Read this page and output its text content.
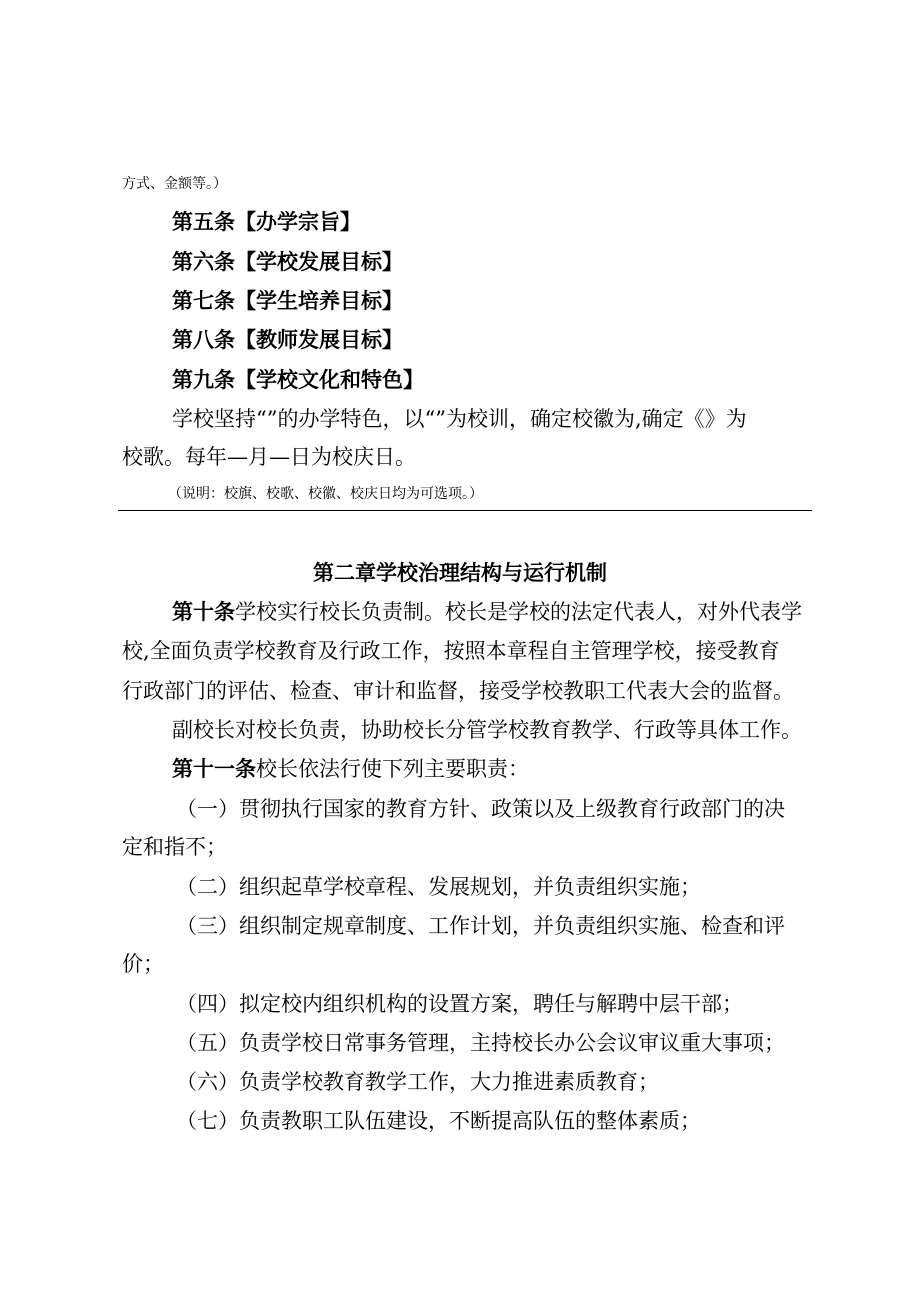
方式、金额等。）
第五条【办学宗旨】
第六条【学校发展目标】
第七条【学生培养目标】
第八条【教师发展目标】
第九条【学校文化和特色】
学校坚持“”的办学特色，以“”为校训，确定校徽为,确定《》为
校歌。每年—月—日为校庆日。
（说明：校旗、校歌、校徽、校庆日均为可选项。）
第二章学校治理结构与运行机制
第十条学校实行校长负责制。校长是学校的法定代表人，对外代表学
校,全面负责学校教育及行政工作，按照本章程自主管理学校，接受教育
行政部门的评估、检查、审计和监督，接受学校教职工代表大会的监督。
副校长对校长负责，协助校长分管学校教育教学、行政等具体工作。
第十一条校长依法行使下列主要职责：
（一）贯彻执行国家的教育方针、政策以及上级教育行政部门的决
定和指不；
（二）组织起草学校章程、发展规划，并负责组织实施；
（三）组织制定规章制度、工作计划，并负责组织实施、检查和评
价；
（四）拟定校内组织机构的设置方案，聘任与解聘中层干部；
（五）负责学校日常事务管理，主持校长办公会议审议重大事项；
（六）负责学校教育教学工作，大力推进素质教育；
（七）负责教职工队伍建设，不断提高队伍的整体素质；
